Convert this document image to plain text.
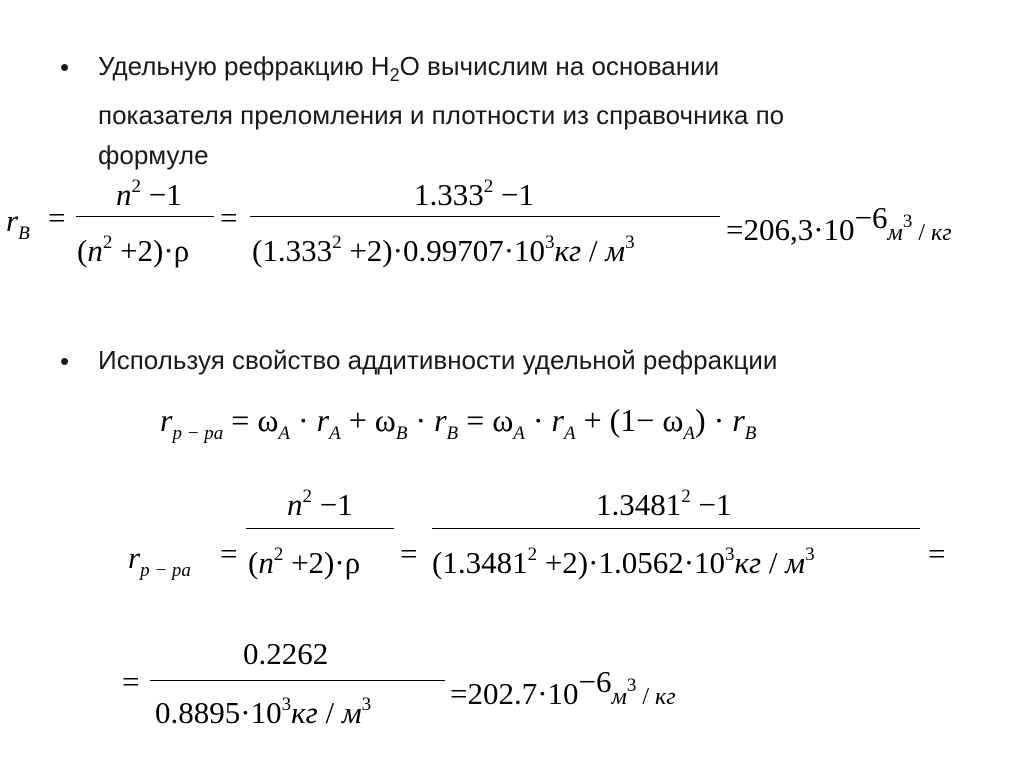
• Удельную рефракцию $H_2O$ вычислим на основании
показателя преломления и плотности из справочника по
формуле
$r_B$ =
$n^2 -1$
$(n^2 +2)\cdot\rho$
=
$1.333^2 -1$
$(1.333^2 +2)\cdot 0.99707\cdot 10^3кг / м^3$	$=206,3\cdot 10-6м^3$ / кг
• Используя свойство аддитивности удельной рефракции
$r_{p - pa} = \omega_A \cdot r_A + \omega_B \cdot r_B = \omega_A \cdot r_A + (1- \omega_A) \cdot r_B$
$r_{p - pa}$ =
$n^2 -1$
$(n^2 +2)\cdot\rho$ =
$1.3481^2 -1$
$(1.3481^2 +2)\cdot 1.0562\cdot 10^3кг / м^3$	=
=
0.2262
$0.8895\cdot 10^3кг / м^3$	$=202.7\cdot 10-6м^3$ / кг
